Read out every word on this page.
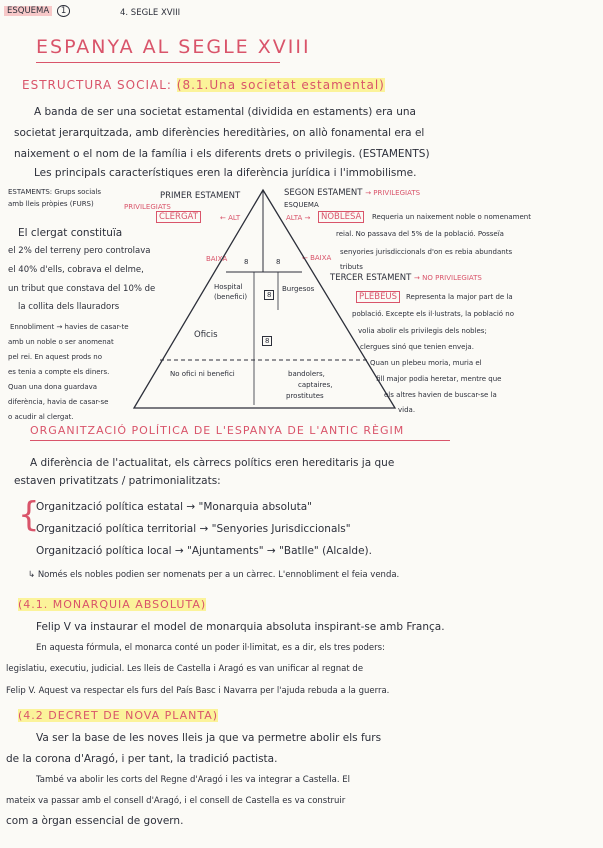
ESQUEMA 1	4. SEGLE XVIII
ESPANYA AL SEGLE XVIII
ESTRUCTURA SOCIAL: (8.1.Una societat estamental)
A banda de ser una societat estamental (dividida en estaments) era una
societat jerarquitzada, amb diferències hereditàries, on allò fonamental era el
naixement o el nom de la família i els diferents drets o privilegis. (ESTAMENTS)
Les principals característiques eren la diferència jurídica i l'immobilisme.
ESTAMENTS: Grups socials
amb lleis pròpies (FURS)	PRIVILEGIATS
PRIMER ESTAMENT	SEGON ESTAMENT → PRIVILEGIATS
ESQUEMA
CLERGAT	← ALT	ALTA →	NOBLESA
BAIXA	← BAIXA
8	8
8
8
Hospital
(benefici)
Burgesos
Oficis
No ofici ni benefici	bandolers,
captaires,
prostitutes
TERCER ESTAMENT → NO PRIVILEGIATS
PLEBEUS
El clergat constituïa
el 2% del terreny pero controlava
el 40% d'ells, cobrava el delme,
un tribut que constava del 10% de
la collita dels llauradors
Ennobliment → havies de casar-te
amb un noble o ser anomenat
pel rei. En aquest prods no
es tenia a compte els diners.
Quan una dona guardava
diferència, havia de casar-se
o acudir al clergat.
Requeria un naixement noble o nomenament
reial. No passava del 5% de la població. Posseïa
senyories jurisdiccionals d'on es rebia abundants
tributs
Representa la major part de la
població. Excepte els il·lustrats, la població no
volia abolir els privilegis dels nobles;
clergues sinó que tenien enveja.
Quan un plebeu moria, muria el
fill major podia heretar, mentre que
els altres havien de buscar-se la
vida.
ORGANITZACIÓ POLÍTICA DE L'ESPANYA DE L'ANTIC RÈGIM
A diferència de l'actualitat, els càrrecs polítics eren hereditaris ja que
estaven privatitzats / patrimonialitzats:
{
Organització política estatal → "Monarquia absoluta"
Organització política territorial → "Senyories Jurisdiccionals"
Organització política local → "Ajuntaments" → "Batlle" (Alcalde).
↳ Només els nobles podien ser nomenats per a un càrrec. L'ennobliment el feia venda.
(4.1. MONARQUIA ABSOLUTA)
Felip V va instaurar el model de monarquia absoluta inspirant-se amb França.
En aquesta fórmula, el monarca conté un poder il·limitat, es a dir, els tres poders:
legislatiu, executiu, judicial. Les lleis de Castella i Aragó es van unificar al regnat de
Felip V. Aquest va respectar els furs del País Basc i Navarra per l'ajuda rebuda a la guerra.
(4.2 DECRET DE NOVA PLANTA)
Va ser la base de les noves lleis ja que va permetre abolir els furs
de la corona d'Aragó, i per tant, la tradició pactista.
També va abolir les corts del Regne d'Aragó i les va integrar a Castella. El
mateix va passar amb el consell d'Aragó, i el consell de Castella es va construir
com a òrgan essencial de govern.
